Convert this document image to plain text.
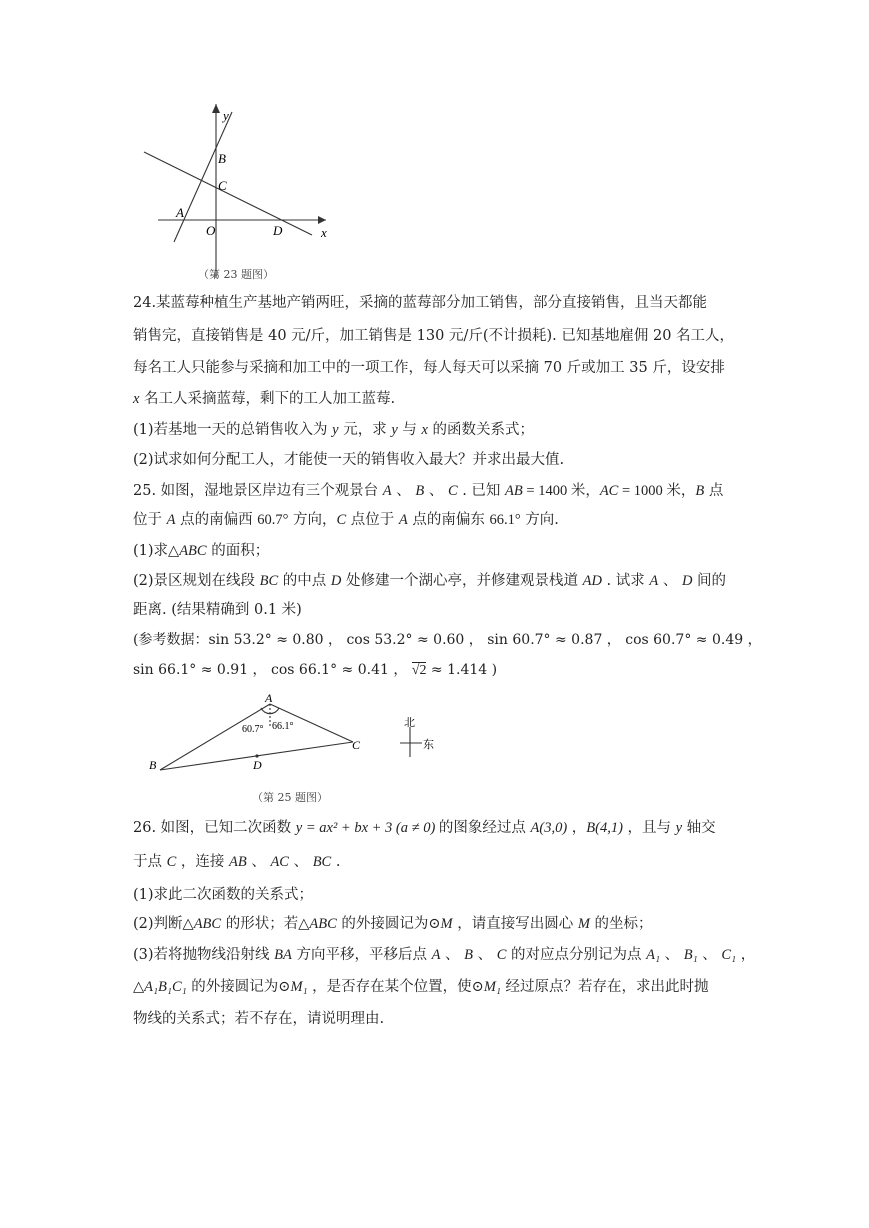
y
x
B
C
A
O	D
（第 23 题图）
24.某蓝莓种植生产基地产销两旺，采摘的蓝莓部分加工销售，部分直接销售，且当天都能
销售完，直接销售是 40 元/斤，加工销售是 130 元/斤(不计损耗). 已知基地雇佣 20 名工人，
每名工人只能参与采摘和加工中的一项工作，每人每天可以采摘 70 斤或加工 35 斤，设安排
x 名工人采摘蓝莓，剩下的工人加工蓝莓.
(1)若基地一天的总销售收入为 y 元，求 y 与 x 的函数关系式；
(2)试求如何分配工人，才能使一天的销售收入最大？并求出最大值.
25. 如图，湿地景区岸边有三个观景台 A 、 B 、 C . 已知 AB = 1400 米，AC = 1000 米，B 点
位于 A 点的南偏西 60.7° 方向，C 点位于 A 点的南偏东 66.1° 方向.
(1)求△ABC 的面积；
(2)景区规划在线段 BC 的中点 D 处修建一个湖心亭，并修建观景栈道 AD . 试求 A 、 D 间的
距离. (结果精确到 0.1 米)
(参考数据：sin 53.2° ≈ 0.80 ， cos 53.2° ≈ 0.60 ， sin 60.7° ≈ 0.87 ， cos 60.7° ≈ 0.49 ，
sin 66.1° ≈ 0.91 ， cos 66.1° ≈ 0.41 ， √2 ≈ 1.414 )
A
B
C
D
60.7° 66.1°	北
东
（第 25 题图）
26. 如图，已知二次函数 y = ax² + bx + 3 (a ≠ 0) 的图象经过点 A(3,0) ，B(4,1) ，且与 y 轴交
于点 C ，连接 AB 、 AC 、 BC .
(1)求此二次函数的关系式；
(2)判断△ABC 的形状；若△ABC 的外接圆记为⊙M ，请直接写出圆心 M 的坐标；
(3)若将抛物线沿射线 BA 方向平移，平移后点 A 、 B 、 C 的对应点分别记为点 A₁ 、 B₁ 、 C₁ ，
△A₁B₁C₁ 的外接圆记为⊙M₁ ，是否存在某个位置，使⊙M₁ 经过原点？若存在，求出此时抛
物线的关系式；若不存在，请说明理由.
